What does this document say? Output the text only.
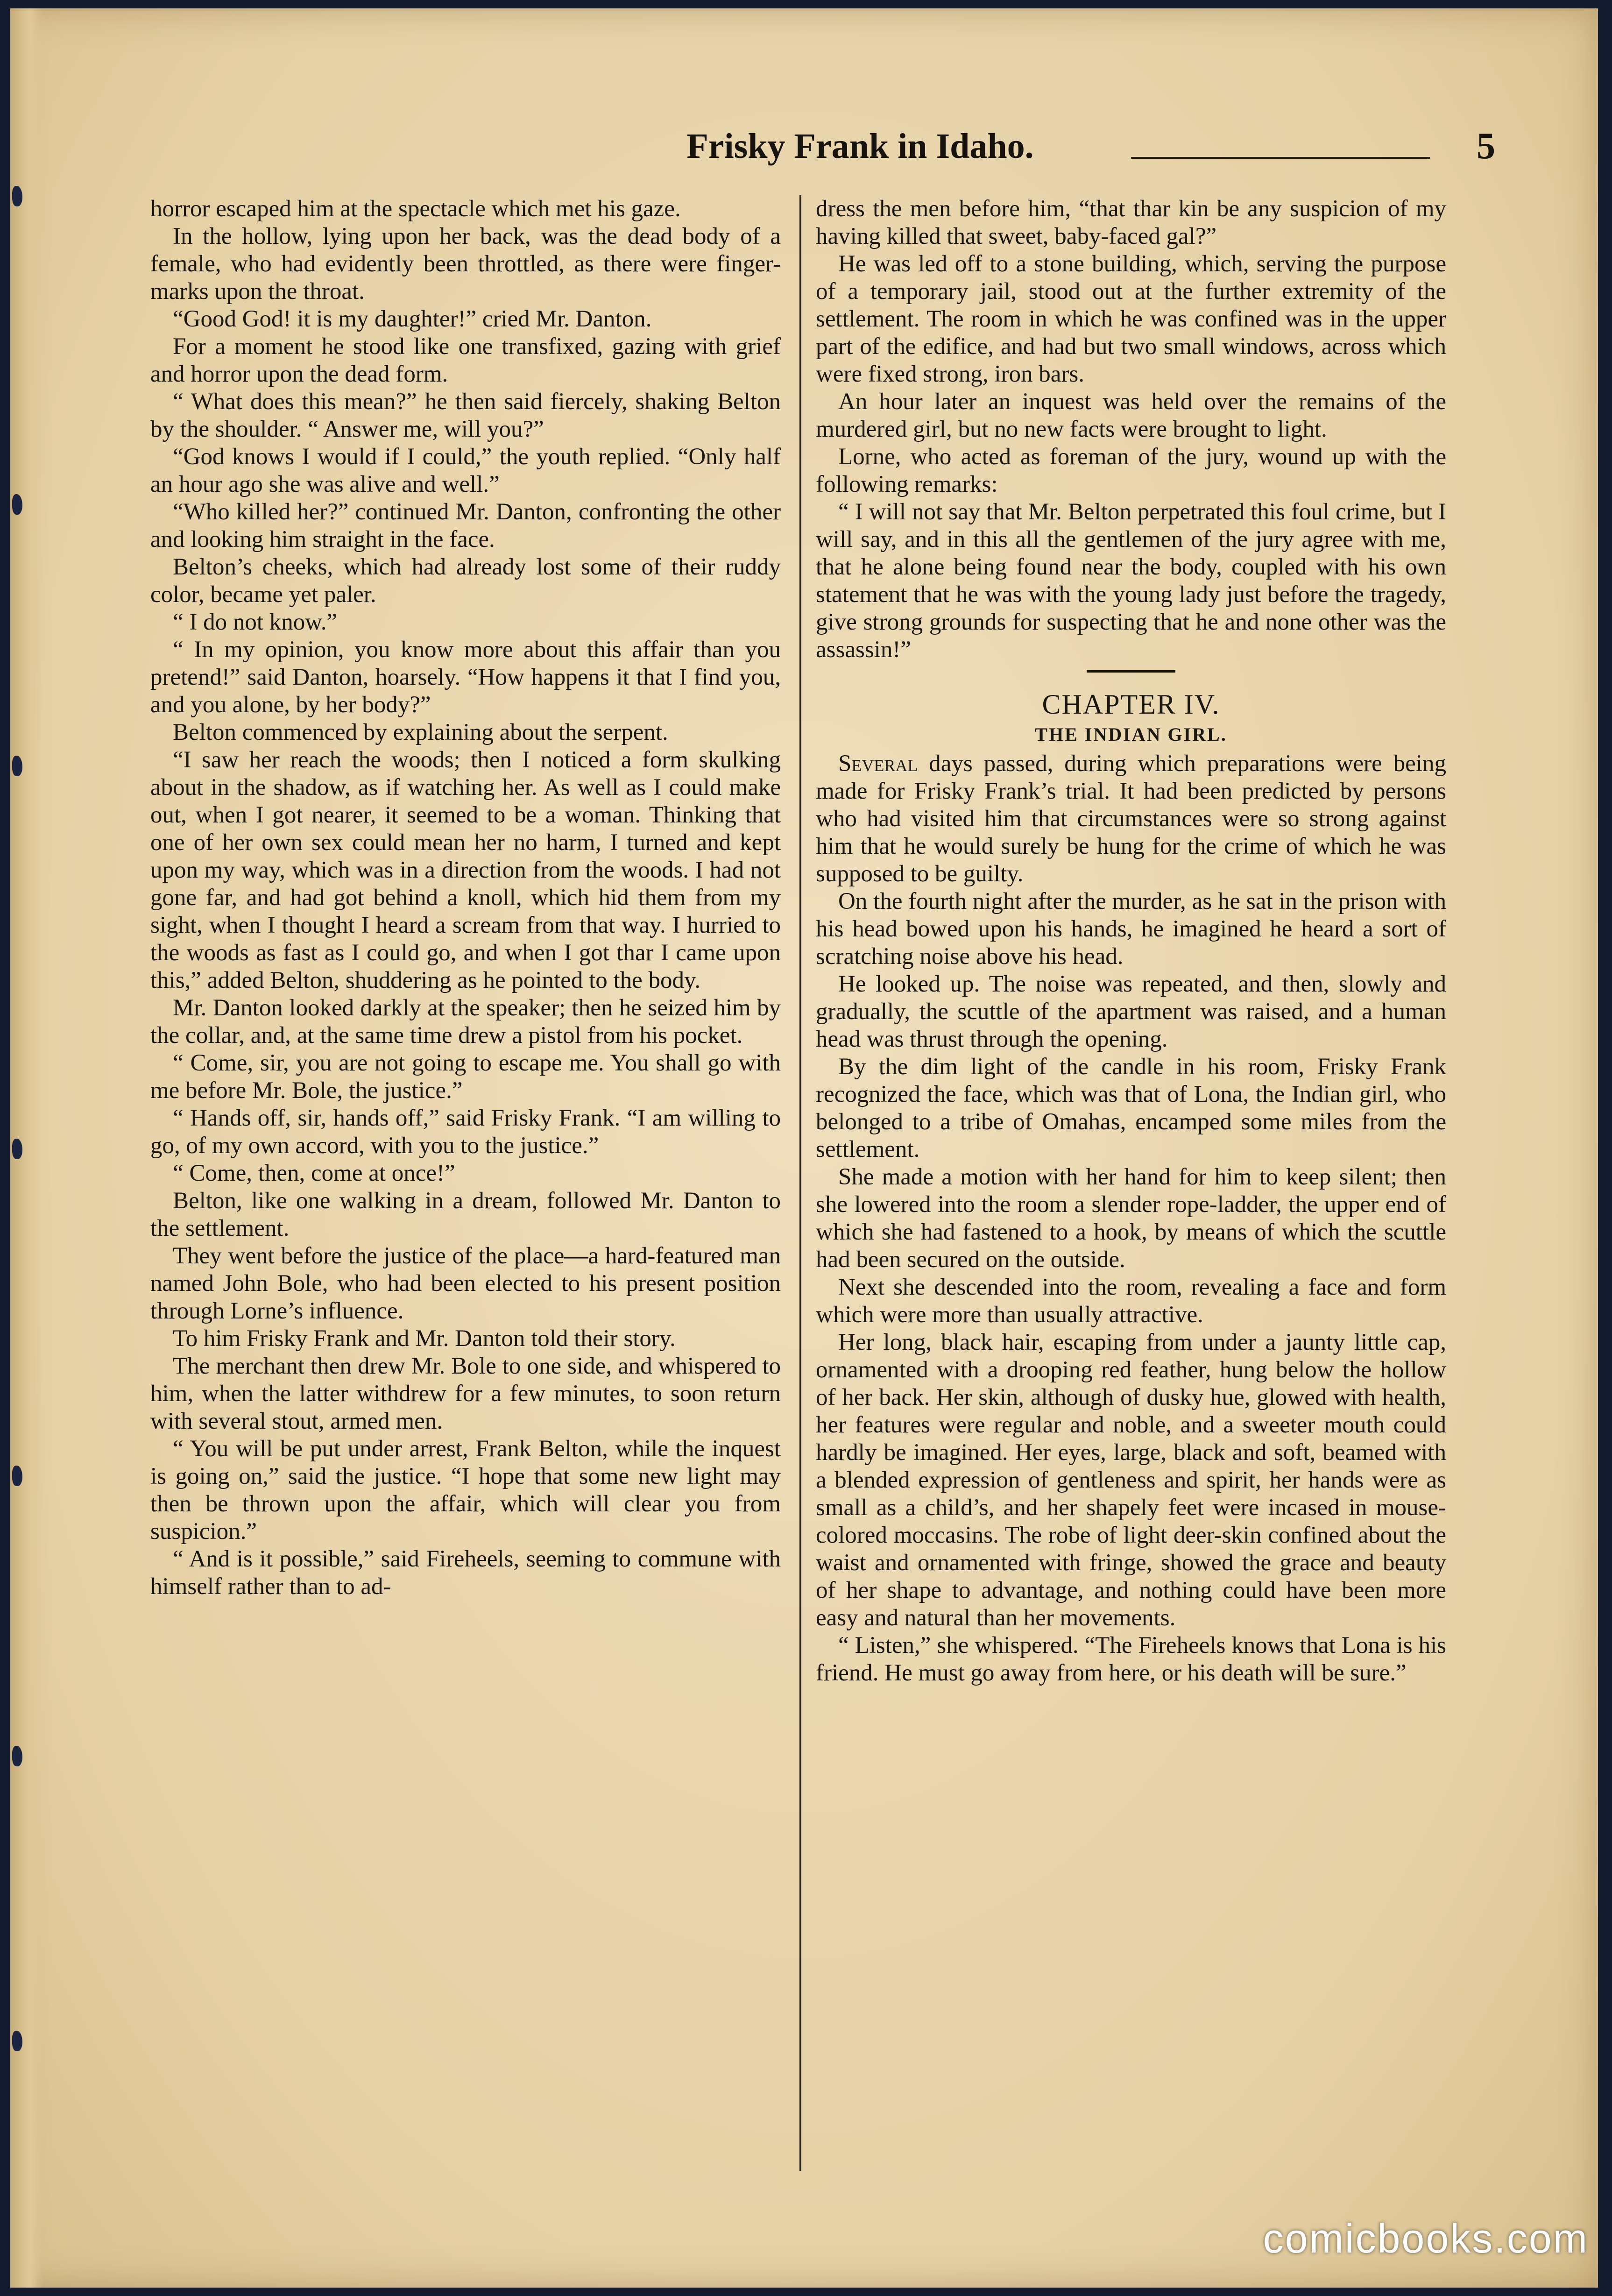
Frisky Frank in Idaho.	5

horror escaped him at the spectacle which met his gaze.

In the hollow, lying upon her back, was the dead body of a female, who had evidently been throttled, as there were finger-marks upon the throat.

“Good God! it is my daughter!” cried Mr. Danton.

For a moment he stood like one transfixed, gazing with grief and horror upon the dead form.

“ What does this mean?” he then said fiercely, shaking Belton by the shoulder. “ Answer me, will you?”

“God knows I would if I could,” the youth replied. “Only half an hour ago she was alive and well.”

“Who killed her?” continued Mr. Danton, confronting the other and looking him straight in the face.

Belton’s cheeks, which had already lost some of their ruddy color, became yet paler.

“ I do not know.”

“ In my opinion, you know more about this affair than you pretend!” said Danton, hoarsely. “How happens it that I find you, and you alone, by her body?”

Belton commenced by explaining about the serpent.

“I saw her reach the woods; then I noticed a form skulking about in the shadow, as if watching her. As well as I could make out, when I got nearer, it seemed to be a woman. Thinking that one of her own sex could mean her no harm, I turned and kept upon my way, which was in a direction from the woods. I had not gone far, and had got behind a knoll, which hid them from my sight, when I thought I heard a scream from that way. I hurried to the woods as fast as I could go, and when I got thar I came upon this,” added Belton, shuddering as he pointed to the body.

Mr. Danton looked darkly at the speaker; then he seized him by the collar, and, at the same time drew a pistol from his pocket.

“ Come, sir, you are not going to escape me. You shall go with me before Mr. Bole, the justice.”

“ Hands off, sir, hands off,” said Frisky Frank. “I am willing to go, of my own accord, with you to the justice.”

“ Come, then, come at once!”

Belton, like one walking in a dream, followed Mr. Danton to the settlement.

They went before the justice of the place—a hard-featured man named John Bole, who had been elected to his present position through Lorne’s influence.

To him Frisky Frank and Mr. Danton told their story.

The merchant then drew Mr. Bole to one side, and whispered to him, when the latter withdrew for a few minutes, to soon return with several stout, armed men.

“ You will be put under arrest, Frank Belton, while the inquest is going on,” said the justice. “I hope that some new light may then be thrown upon the affair, which will clear you from suspicion.”

“ And is it possible,” said Fireheels, seeming to commune with himself rather than to ad-

dress the men before him, “that thar kin be any suspicion of my having killed that sweet, baby-faced gal?”

He was led off to a stone building, which, serving the purpose of a temporary jail, stood out at the further extremity of the settlement. The room in which he was confined was in the upper part of the edifice, and had but two small windows, across which were fixed strong, iron bars.

An hour later an inquest was held over the remains of the murdered girl, but no new facts were brought to light.

Lorne, who acted as foreman of the jury, wound up with the following remarks:

“ I will not say that Mr. Belton perpetrated this foul crime, but I will say, and in this all the gentlemen of the jury agree with me, that he alone being found near the body, coupled with his own statement that he was with the young lady just before the tragedy, give strong grounds for suspecting that he and none other was the assassin!”

CHAPTER IV.

THE INDIAN GIRL.

Several days passed, during which preparations were being made for Frisky Frank’s trial. It had been predicted by persons who had visited him that circumstances were so strong against him that he would surely be hung for the crime of which he was supposed to be guilty.

On the fourth night after the murder, as he sat in the prison with his head bowed upon his hands, he imagined he heard a sort of scratching noise above his head.

He looked up. The noise was repeated, and then, slowly and gradually, the scuttle of the apartment was raised, and a human head was thrust through the opening.

By the dim light of the candle in his room, Frisky Frank recognized the face, which was that of Lona, the Indian girl, who belonged to a tribe of Omahas, encamped some miles from the settlement.

She made a motion with her hand for him to keep silent; then she lowered into the room a slender rope-ladder, the upper end of which she had fastened to a hook, by means of which the scuttle had been secured on the outside.

Next she descended into the room, revealing a face and form which were more than usually attractive.

Her long, black hair, escaping from under a jaunty little cap, ornamented with a drooping red feather, hung below the hollow of her back. Her skin, although of dusky hue, glowed with health, her features were regular and noble, and a sweeter mouth could hardly be imagined. Her eyes, large, black and soft, beamed with a blended expression of gentleness and spirit, her hands were as small as a child’s, and her shapely feet were incased in mouse-colored moccasins. The robe of light deer-skin confined about the waist and ornamented with fringe, showed the grace and beauty of her shape to advantage, and nothing could have been more easy and natural than her movements.

“ Listen,” she whispered. “The Fireheels knows that Lona is his friend. He must go away from here, or his death will be sure.”

comicbooks.com
